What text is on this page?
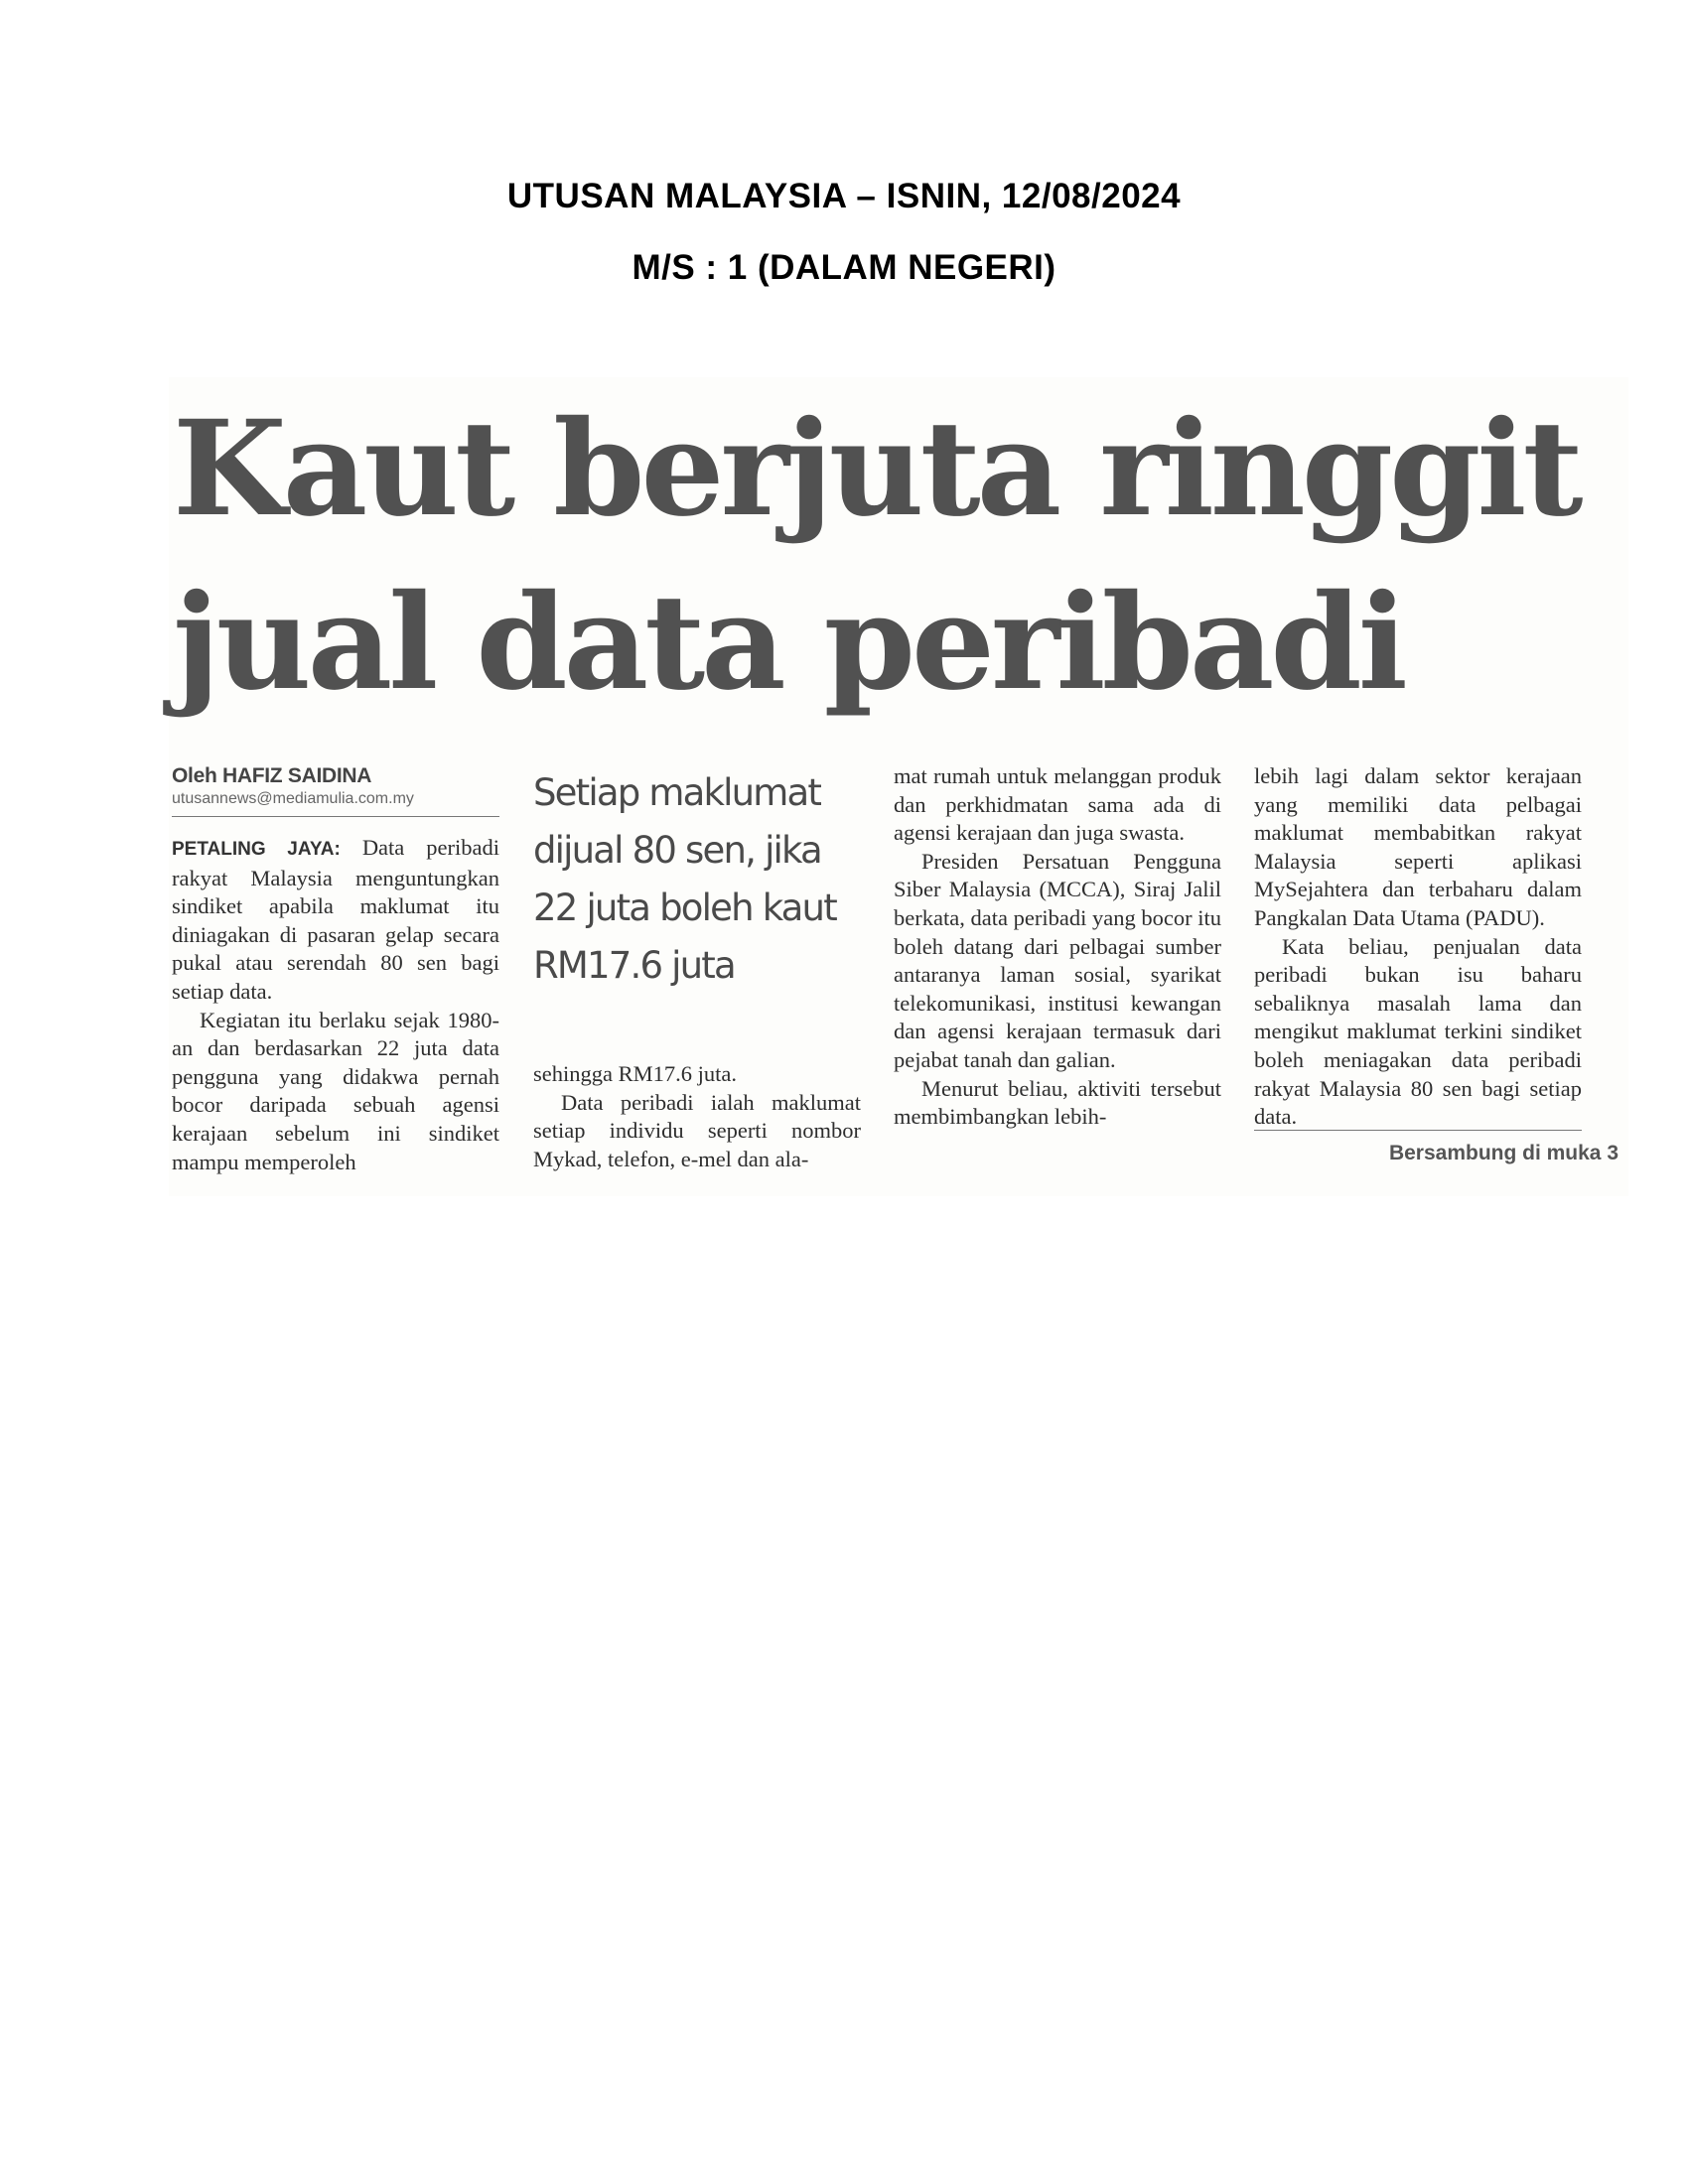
UTUSAN MALAYSIA – ISNIN, 12/08/2024
M/S : 1 (DALAM NEGERI)
Kaut berjuta ringgit
jual data peribadi
Oleh HAFIZ SAIDINA
utusannews@mediamulia.com.my

PETALING JAYA: Data peribadi rakyat Malaysia menguntungkan sindiket apabila maklumat itu diniagakan di pasaran gelap secara pukal atau serendah 80 sen bagi setiap data.

Kegiatan itu berlaku sejak 1980-an dan berdasarkan 22 juta data pengguna yang didakwa pernah bocor daripada sebuah agensi kerajaan sebelum ini sindiket mampu memperoleh

Setiap maklumat dijual 80 sen, jika 22 juta boleh kaut RM17.6 juta

sehingga RM17.6 juta.

Data peribadi ialah maklumat setiap individu seperti nombor Mykad, telefon, e-mel dan ala-

mat rumah untuk melanggan produk dan perkhidmatan sama ada di agensi kerajaan dan juga swasta.

Presiden Persatuan Pengguna Siber Malaysia (MCCA), Siraj Jalil berkata, data peribadi yang bocor itu boleh datang dari pelbagai sumber antaranya laman sosial, syarikat telekomunikasi, institusi kewangan dan agensi kerajaan termasuk dari pejabat tanah dan galian.

Menurut beliau, aktiviti tersebut membimbangkan lebih-

lebih lagi dalam sektor kerajaan yang memiliki data pelbagai maklumat membabitkan rakyat Malaysia seperti aplikasi MySejahtera dan terbaharu dalam Pangkalan Data Utama (PADU).

Kata beliau, penjualan data peribadi bukan isu baharu sebaliknya masalah lama dan mengikut maklumat terkini sindiket boleh meniagakan data peribadi rakyat Malaysia 80 sen bagi setiap data.

Bersambung di muka 3
